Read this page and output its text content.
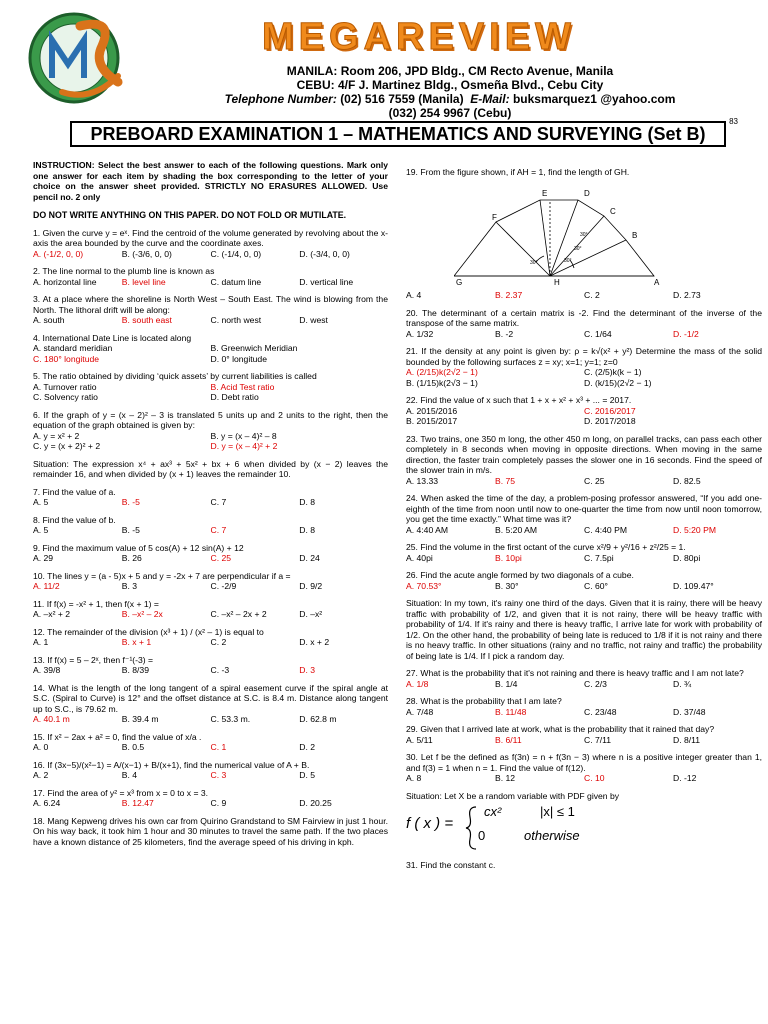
MEGAREVIEW
MANILA: Room 206, JPD Bldg., CM Recto Avenue, Manila
CEBU: 4/F J. Martinez Bldg., Osmeña Blvd., Cebu City
Telephone Number: (02) 516 7559 (Manila) E-Mail: buksmarquez1 @yahoo.com
(032) 254 9967 (Cebu)
83
PREBOARD EXAMINATION 1 – MATHEMATICS AND SURVEYING (Set B)
INSTRUCTION: Select the best answer to each of the following questions. Mark only one answer for each item by shading the box corresponding to the letter of your choice on the answer sheet provided. STRICTLY NO ERASURES ALLOWED. Use pencil no. 2 only
DO NOT WRITE ANYTHING ON THIS PAPER. DO NOT FOLD OR MUTILATE.
1. Given the curve y = eˣ. Find the centroid of the volume generated by revolving about the x-axis the area bounded by the curve and the coordinate axes.
A. (-1/2, 0, 0)	B. (-3/6, 0, 0)	C. (-1/4, 0, 0)	D. (-3/4, 0, 0)
2. The line normal to the plumb line is known as
A. horizontal line	B. level line	C. datum line	D. vertical line
3. At a place where the shoreline is North West – South East. The wind is blowing from the North. The lithoral drift will be along:
A. south	B. south east	C. north west	D. west
4. International Date Line is located along
A. standard meridian	B. Greenwich Meridian
C. 180° longitude	D. 0° longitude
5. The ratio obtained by dividing ‘quick assets’ by current liabilities is called
A. Turnover ratio	B. Acid Test ratio
C. Solvency ratio	D. Debt ratio
6. If the graph of y = (x – 2)² – 3 is translated 5 units up and 2 units to the right, then the equation of the graph obtained is given by:
A. y = x² + 2	B. y = (x – 4)² – 8
C. y = (x + 2)² + 2	D. y = (x – 4)² + 2
Situation: The expression x⁴ + ax³ + 5x² + bx + 6 when divided by (x − 2) leaves the remainder 16, and when divided by (x + 1) leaves the remainder 10.
7. Find the value of a.
A. 5	B. -5	C. 7	D. 8
8. Find the value of b.
A. 5	B. -5	C. 7	D. 8
9. Find the maximum value of 5 cos(A) + 12 sin(A) + 12
A. 29	B. 26	C. 25	D. 24
10. The lines y = (a - 5)x + 5 and y = -2x + 7 are perpendicular if a =
A. 11/2	B. 3	C. -2/9	D. 9/2
11. If f(x) = -x² + 1, then f(x + 1) =
A. –x² + 2	B. –x² – 2x	C. –x² – 2x + 2	D. –x²
12. The remainder of the division (x³ + 1) / (x² – 1) is equal to
A. 1	B. x + 1	C. 2	D. x + 2
13. If f(x) = 5 – 2ˣ, then f⁻¹(-3) =
A. 39/8	B. 8/39	C. -3	D. 3
14. What is the length of the long tangent of a spiral easement curve if the spiral angle at S.C. (Spiral to Curve) is 12° and the offset distance at S.C. is 8.4 m. Distance along tangent up to S.C., is 79.62 m.
A. 40.1 m	B. 39.4 m	C. 53.3 m.	D. 62.8 m
15. If x² − 2ax + a² = 0, find the value of x/a .
A. 0	B. 0.5	C. 1	D. 2
16. If (3x−5)/(x²−1) = A/(x−1) + B/(x+1), find the numerical value of A + B.
A. 2	B. 4	C. 3	D. 5
17. Find the area of y² = x³ from x = 0 to x = 3.
A. 6.24	B. 12.47	C. 9	D. 20.25
18. Mang Kepweng drives his own car from Quirino Grandstand to SM Fairview in just 1 hour. On his way back, it took him 1 hour and 30 minutes to travel the same path. If the two places have a known distance of 25 kilometers, find the average speed of his driving in kph.
19. From the figure shown, if AH = 1, find the length of GH.
G	H	A
B
C
D
E
F
30°
30°
30°
30°
A. 4	B. 2.37	C. 2	D. 2.73
20. The determinant of a certain matrix is -2. Find the determinant of the inverse of the transpose of the same matrix.
A. 1/32	B. -2	C. 1/64	D. -1/2
21. If the density at any point is given by: ρ = k√(x² + y²) Determine the mass of the solid bounded by the following surfaces z = xy; x=1; y=1; z=0
A. (2/15)k(2√2 − 1)	C. (2/5)k(k − 1)
B. (1/15)k(2√3 − 1)	D. (k/15)(2√2 − 1)
22. Find the value of x such that 1 + x + x² + x³ + ... = 2017.
A. 2015/2016	C. 2016/2017
B. 2015/2017	D. 2017/2018
23. Two trains, one 350 m long, the other 450 m long, on parallel tracks, can pass each other completely in 8 seconds when moving in opposite directions. When moving in the same direction, the faster train completely passes the slower one in 16 seconds. Find the speed of the slower train in m/s.
A. 13.33	B. 75	C. 25	D. 82.5
24. When asked the time of the day, a problem-posing professor answered, “If you add one-eighth of the time from noon until now to one-quarter the time from now until noon tomorrow, you get the time exactly.” What time was it?
A. 4:40 AM	B. 5:20 AM	C. 4:40 PM	D. 5:20 PM
25. Find the volume in the first octant of the curve x²/9 + y²/16 + z²/25 = 1.
A. 40pi	B. 10pi	C. 7.5pi	D. 80pi
26. Find the acute angle formed by two diagonals of a cube.
A. 70.53°	B. 30°	C. 60°	D. 109.47°
Situation: In my town, it's rainy one third of the days. Given that it is rainy, there will be heavy traffic with probability of 1/2, and given that it is not rainy, there will be heavy traffic with probability of 1/4. If it's rainy and there is heavy traffic, I arrive late for work with probability of 1/2. On the other hand, the probability of being late is reduced to 1/8 if it is not rainy and there is no heavy traffic. In other situations (rainy and no traffic, not rainy and traffic) the probability of being late is 1/4. If I pick a random day.
27. What is the probability that it's not raining and there is heavy traffic and I am not late?
A. 1/8	B. 1/4	C. 2/3	D. ¾
28. What is the probability that I am late?
A. 7/48	B. 11/48	C. 23/48	D. 37/48
29. Given that I arrived late at work, what is the probability that it rained that day?
A. 5/11	B. 6/11	C. 7/11	D. 8/11
30. Let f be the defined as f(3n) = n + f(3n − 3) where n is a positive integer greater than 1, and f(3) = 1 when n = 1. Find the value of f(12).
A. 8	B. 12	C. 10	D. -12
Situation: Let X be a random variable with PDF given by
f ( x ) =
cx²	|x| ≤ 1
0	otherwise
31. Find the constant c.
